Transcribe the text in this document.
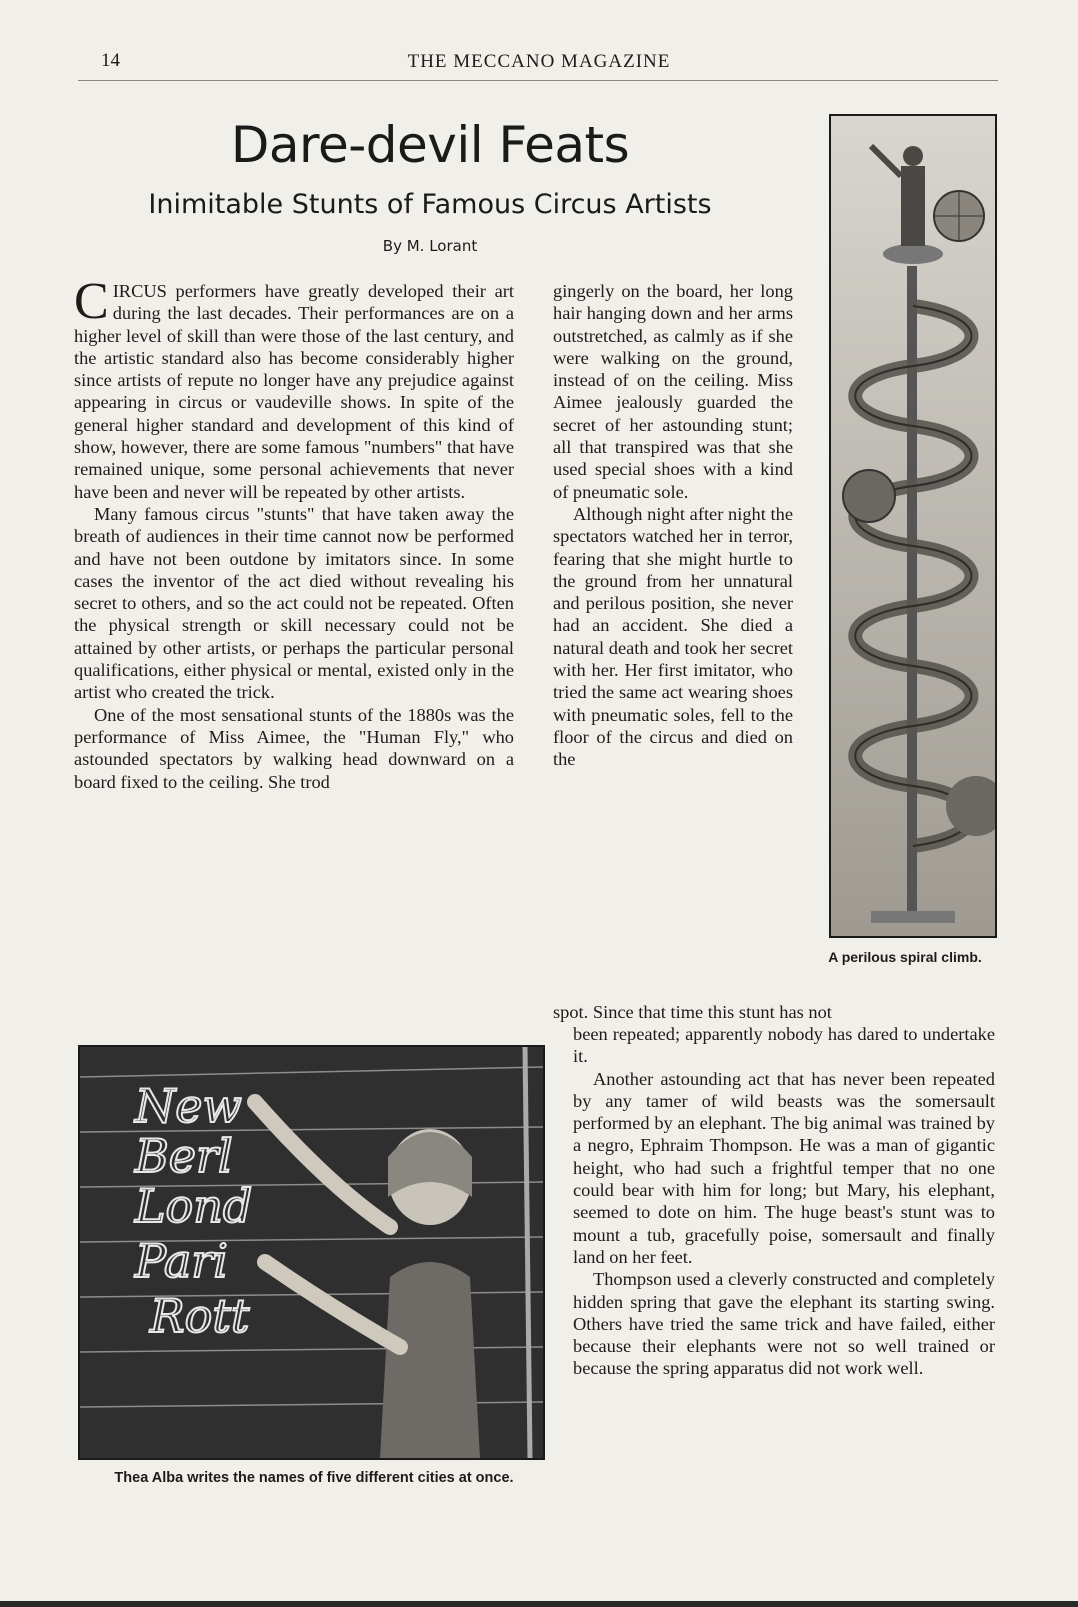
14	THE MECCANO MAGAZINE
Dare-devil Feats
Inimitable Stunts of Famous Circus Artists
By M. Lorant

CIRCUS performers have greatly developed their art during the last decades. Their performances are on a higher level of skill than were those of the last century, and the artistic standard also has become considerably higher since artists of repute no longer have any prejudice against appearing in circus or vaudeville shows. In spite of the general higher standard and development of this kind of show, however, there are some famous "numbers" that have remained unique, some personal achievements that never have been and never will be repeated by other artists.

Many famous circus "stunts" that have taken away the breath of audiences in their time cannot now be performed and have not been outdone by imitators since. In some cases the inventor of the act died without revealing his secret to others, and so the act could not be repeated. Often the physical strength or skill necessary could not be attained by other artists, or perhaps the particular personal qualifications, either physical or mental, existed only in the artist who created the trick.

One of the most sensational stunts of the 1880s was the performance of Miss Aimee, the "Human Fly," who astounded spectators by walking head downward on a board fixed to the ceiling. She trod

gingerly on the board, her long hair hanging down and her arms outstretched, as calmly as if she were walking on the ground, instead of on the ceiling. Miss Aimee jealously guarded the secret of her astounding stunt; all that transpired was that she used special shoes with a kind of pneumatic sole.

Although night after night the spectators watched her in terror, fearing that she might hurtle to the ground from her unnatural and perilous position, she never had an accident. She died a natural death and took her secret with her. Her first imitator, who tried the same act wearing shoes with pneumatic soles, fell to the floor of the circus and died on the

spot. Since that time this stunt has not

been repeated; apparently nobody has dared to undertake it.

Another astounding act that has never been repeated by any tamer of wild beasts was the somersault performed by an elephant. The big animal was trained by a negro, Ephraim Thompson. He was a man of gigantic height, who had such a frightful temper that no one could bear with him for long; but Mary, his elephant, seemed to dote on him. The huge beast's stunt was to mount a tub, gracefully poise, somersault and finally land on her feet.

Thompson used a cleverly constructed and completely hidden spring that gave the elephant its starting swing. Others have tried the same trick and have failed, either because their elephants were not so well trained or because the spring apparatus did not work well.

A perilous spiral climb.
New
Berl
Lond
Pari
Rott
Thea Alba writes the names of five different cities at once.
